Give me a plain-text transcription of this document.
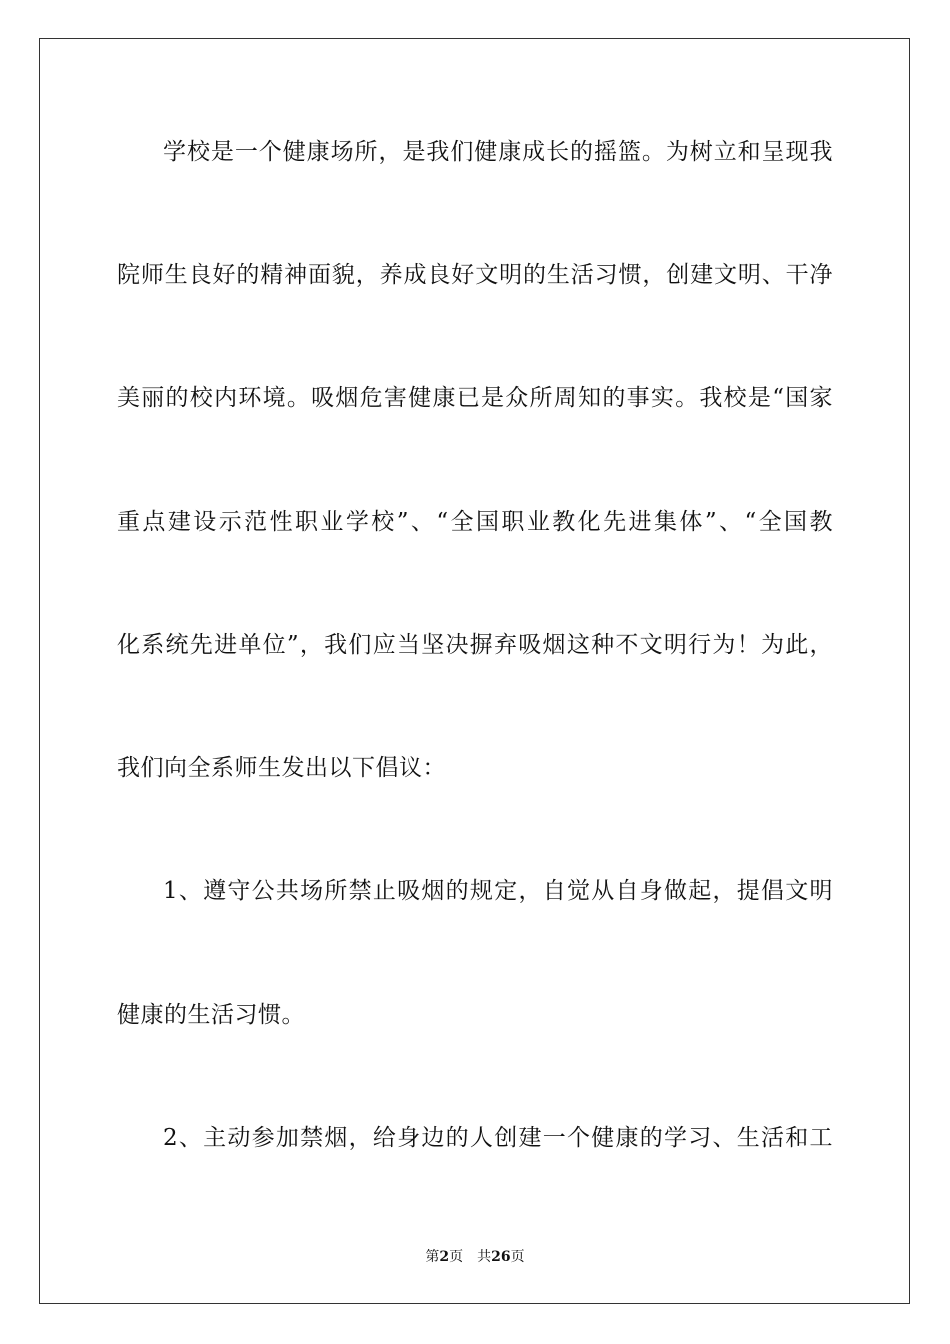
学校是一个健康场所，是我们健康成长的摇篮。为树立和呈现我
院师生良好的精神面貌，养成良好文明的生活习惯，创建文明、干净
美丽的校内环境。吸烟危害健康已是众所周知的事实。我校是“国家
重点建设示范性职业学校”、“全国职业教化先进集体”、“全国教
化系统先进单位”，我们应当坚决摒弃吸烟这种不文明行为！为此，
我们向全系师生发出以下倡议：
1、遵守公共场所禁止吸烟的规定，自觉从自身做起，提倡文明
健康的生活习惯。
2、主动参加禁烟，给身边的人创建一个健康的学习、生活和工
第2页 共26页
